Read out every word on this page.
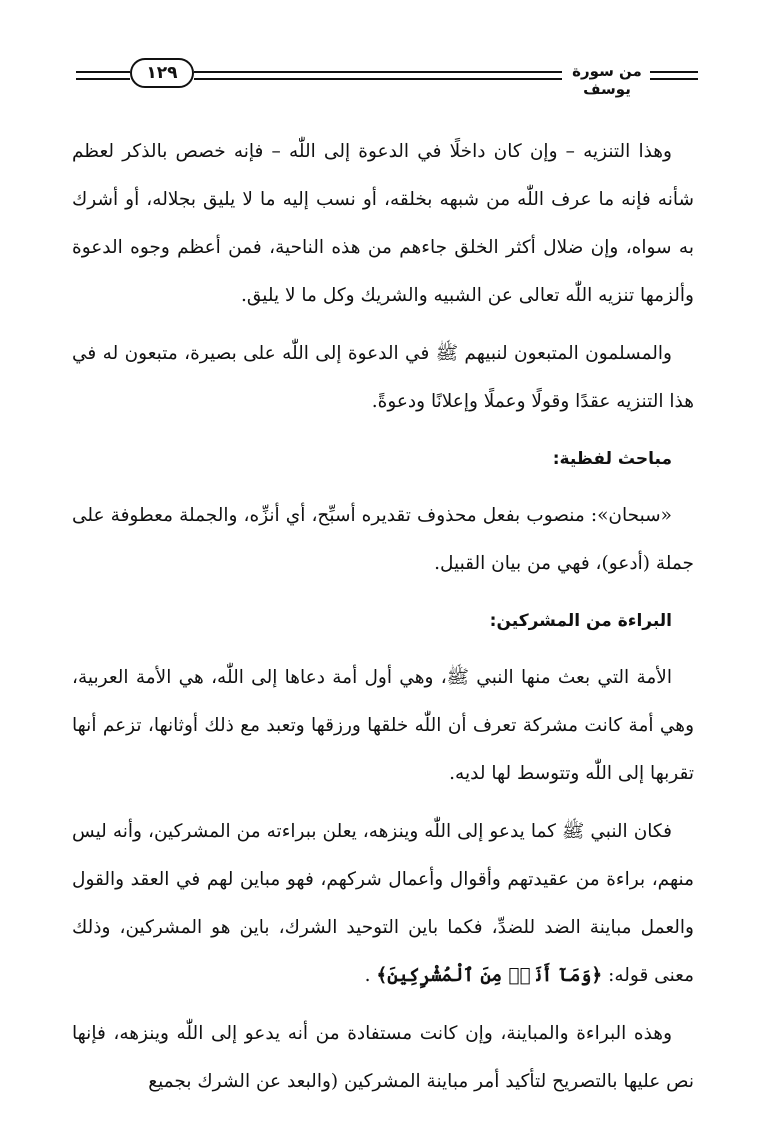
١٢٩	من سورة يوسف

وهذا التنزيه – وإن كان داخلًا في الدعوة إلى اللّٰه – فإنه خصص بالذكر لعظم شأنه فإنه ما عرف اللّٰه من شبهه بخلقه، أو نسب إليه ما لا يليق بجلاله، أو أشرك به سواه، وإن ضلال أكثر الخلق جاءهم من هذه الناحية، فمن أعظم وجوه الدعوة وألزمها تنزيه اللّٰه تعالى عن الشبيه والشريك وكل ما لا يليق.

والمسلمون المتبعون لنبيهم ﷺ في الدعوة إلى اللّٰه على بصيرة، متبعون له في هذا التنزيه عقدًا وقولًا وعملًا وإعلانًا ودعوةً.

مباحث لفظية:

«سبحان»: منصوب بفعل محذوف تقديره أسبِّح، أي أنزِّه، والجملة معطوفة على جملة (أدعو)، فهي من بيان القبيل.

البراءة من المشركين:

الأمة التي بعث منها النبي ﷺ، وهي أول أمة دعاها إلى اللّٰه، هي الأمة العربية، وهي أمة كانت مشركة تعرف أن اللّٰه خلقها ورزقها وتعبد مع ذلك أوثانها، تزعم أنها تقربها إلى اللّٰه وتتوسط لها لديه.

فكان النبي ﷺ كما يدعو إلى اللّٰه وينزهه، يعلن ببراءته من المشركين، وأنه ليس منهم، براءة من عقيدتهم وأقوال وأعمال شركهم، فهو مباين لهم في العقد والقول والعمل مباينة الضد للضدِّ، فكما باين التوحيد الشرك، باين هو المشركين، وذلك معنى قوله: ﴿وَمَآ أَنَا۠ مِنَ ٱلْمُشْرِكِينَ﴾ .

وهذه البراءة والمباينة، وإن كانت مستفادة من أنه يدعو إلى اللّٰه وينزهه، فإنها نص عليها بالتصريح لتأكيد أمر مباينة المشركين (والبعد عن الشرك بجميع
